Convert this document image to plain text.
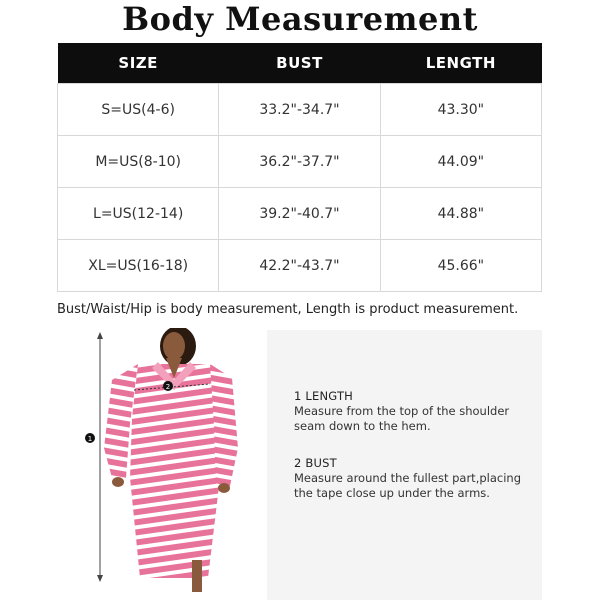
Body Measurement
SIZE	BUST	LENGTH
S=US(4-6)	33.2"-34.7"	43.30"
M=US(8-10)	36.2"-37.7"	44.09"
L=US(12-14)	39.2"-40.7"	44.88"
XL=US(16-18)	42.2"-43.7"	45.66"
Bust/Waist/Hip is body measurement, Length is product measurement.
1
2
1 LENGTH
Measure from the top of the shoulder
seam down to the hem.
2 BUST
Measure around the fullest part,placing
the tape close up under the arms.
